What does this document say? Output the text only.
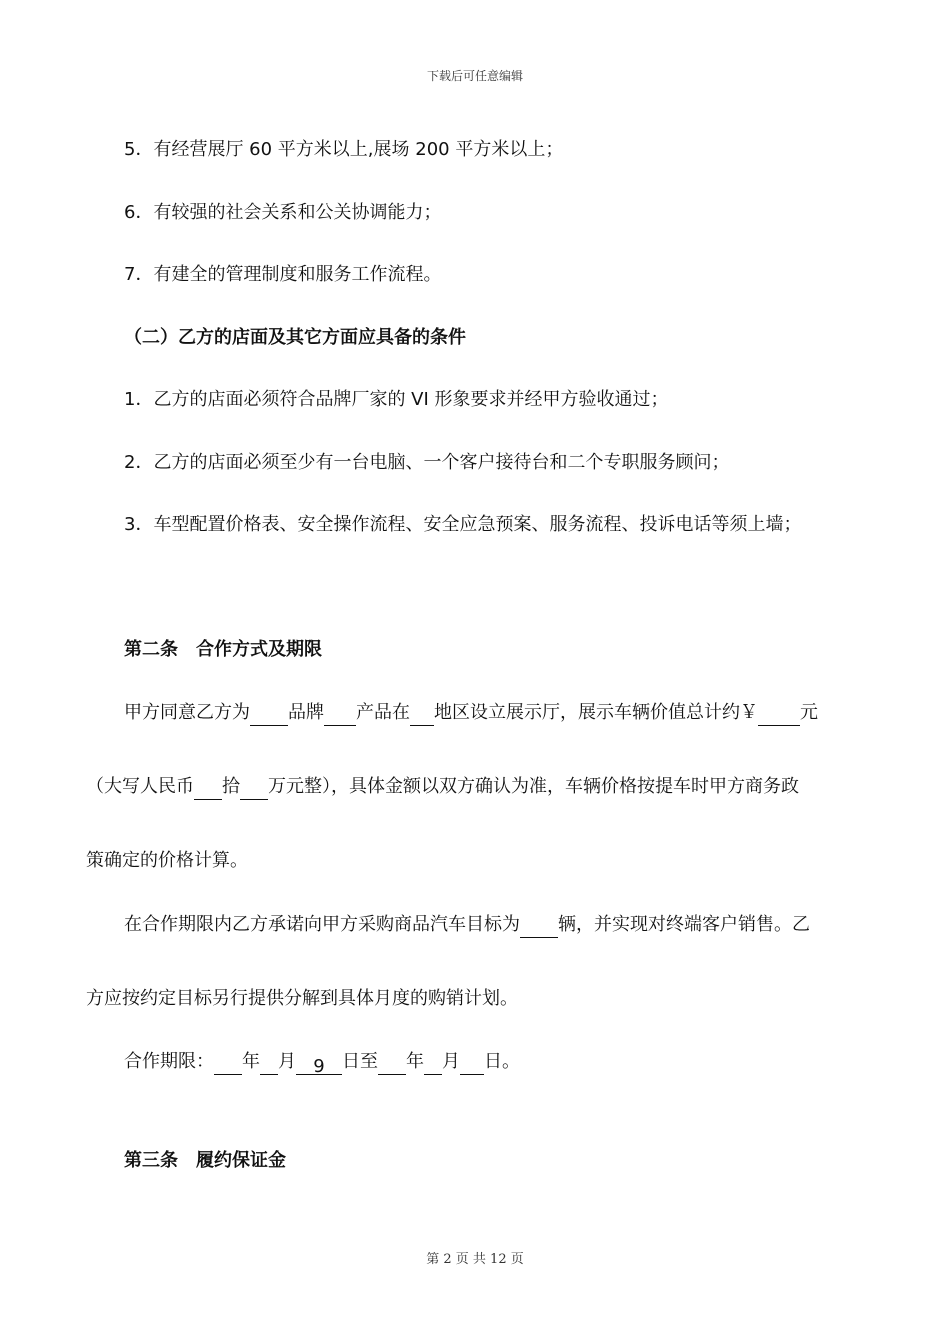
下载后可任意编辑
5．有经营展厅 60 平方米以上,展场 200 平方米以上；
6．有较强的社会关系和公关协调能力；
7．有建全的管理制度和服务工作流程。
（二）乙方的店面及其它方面应具备的条件
1．乙方的店面必须符合品牌厂家的 VI 形象要求并经甲方验收通过；
2．乙方的店面必须至少有一台电脑、一个客户接待台和二个专职服务顾问；
3．车型配置价格表、安全操作流程、安全应急预案、服务流程、投诉电话等须上墙；
第二条　合作方式及期限
甲方同意乙方为 品牌 产品在 地区设立展示厅，展示车辆价值总计约￥ 元
（大写人民币 拾 万元整），具体金额以双方确认为准，车辆价格按提车时甲方商务政
策确定的价格计算。
在合作期限内乙方承诺向甲方采购商品汽车目标为 辆，并实现对终端客户销售。乙
方应按约定目标另行提供分解到具体月度的购销计划。
合作期限： 年 月 9 日至 年 月 日。
第三条　履约保证金
第 2 页 共 12 页
